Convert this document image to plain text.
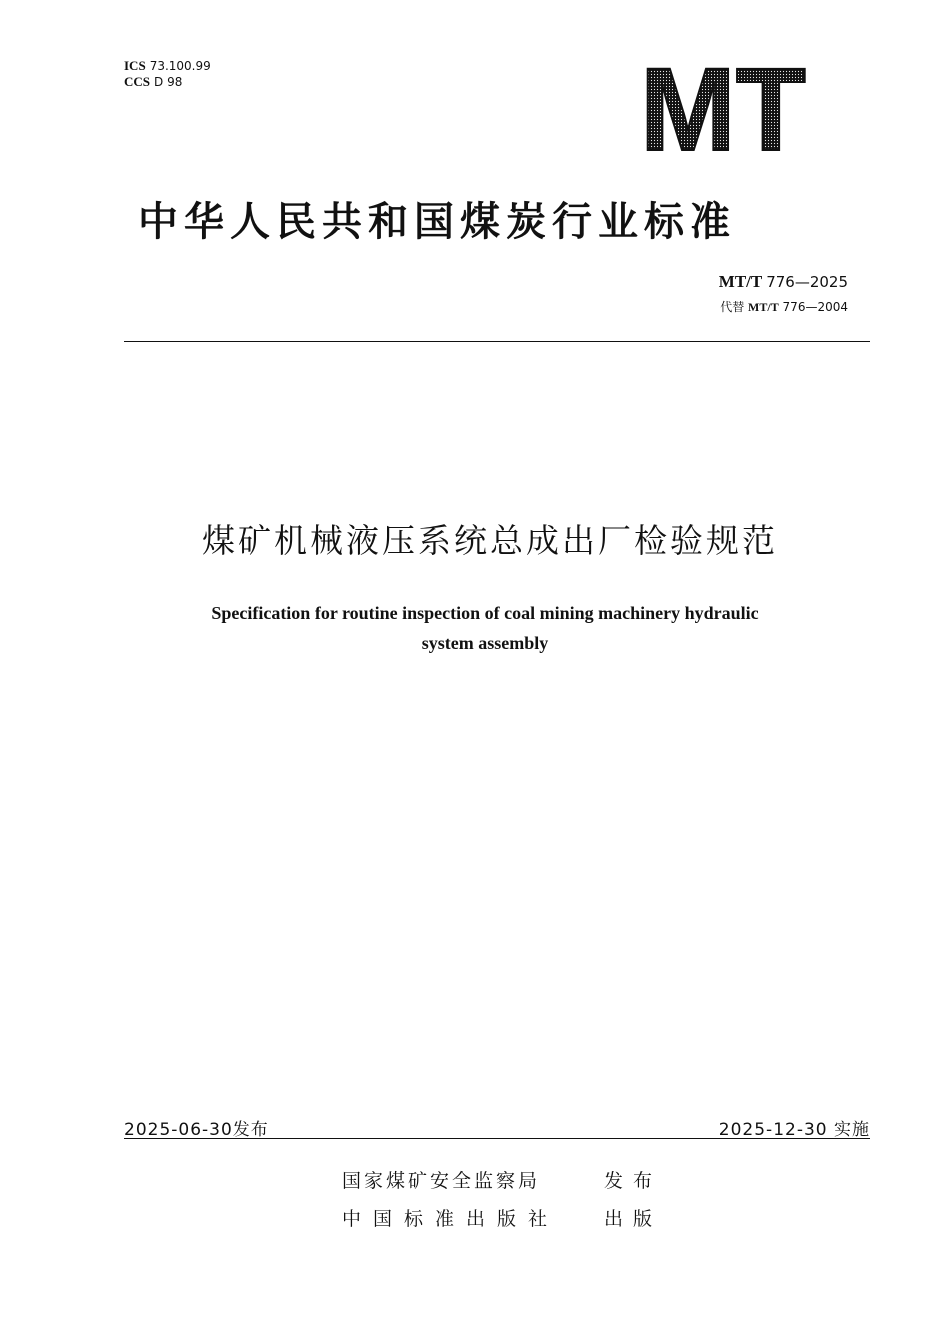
ICS 73.100.99
CCS D 98	MT
中华人民共和国煤炭行业标准
MT/T 776—2025
代替 MT/T 776—2004
煤矿机械液压系统总成出厂检验规范
Specification for routine inspection of coal mining machinery hydraulic
system assembly
2025-06-30发布	2025-12-30 实施
国家煤矿安全监察局	发布
中国标准出版社	出版
